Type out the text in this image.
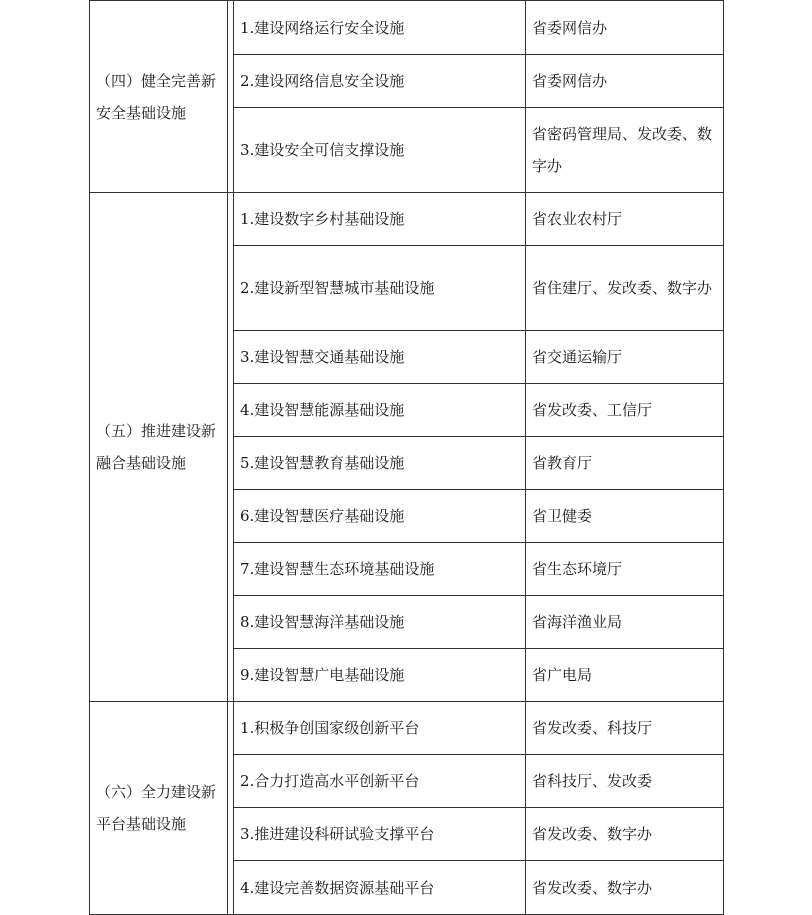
（四）健全完善新安全基础设施		1.建设网络运行安全设施	省委网信办
		2.建设网络信息安全设施	省委网信办
		3.建设安全可信支撑设施	省密码管理局、发改委、数字办

（五）推进建设新融合基础设施		1.建设数字乡村基础设施	省农业农村厅
		2.建设新型智慧城市基础设施	省住建厅、发改委、数字办
		3.建设智慧交通基础设施	省交通运输厅
		4.建设智慧能源基础设施	省发改委、工信厅
		5.建设智慧教育基础设施	省教育厅
		6.建设智慧医疗基础设施	省卫健委
		7.建设智慧生态环境基础设施	省生态环境厅
		8.建设智慧海洋基础设施	省海洋渔业局
		9.建设智慧广电基础设施	省广电局

（六）全力建设新平台基础设施		1.积极争创国家级创新平台	省发改委、科技厅
		2.合力打造高水平创新平台	省科技厅、发改委
		3.推进建设科研试验支撑平台	省发改委、数字办
		4.建设完善数据资源基础平台	省发改委、数字办
